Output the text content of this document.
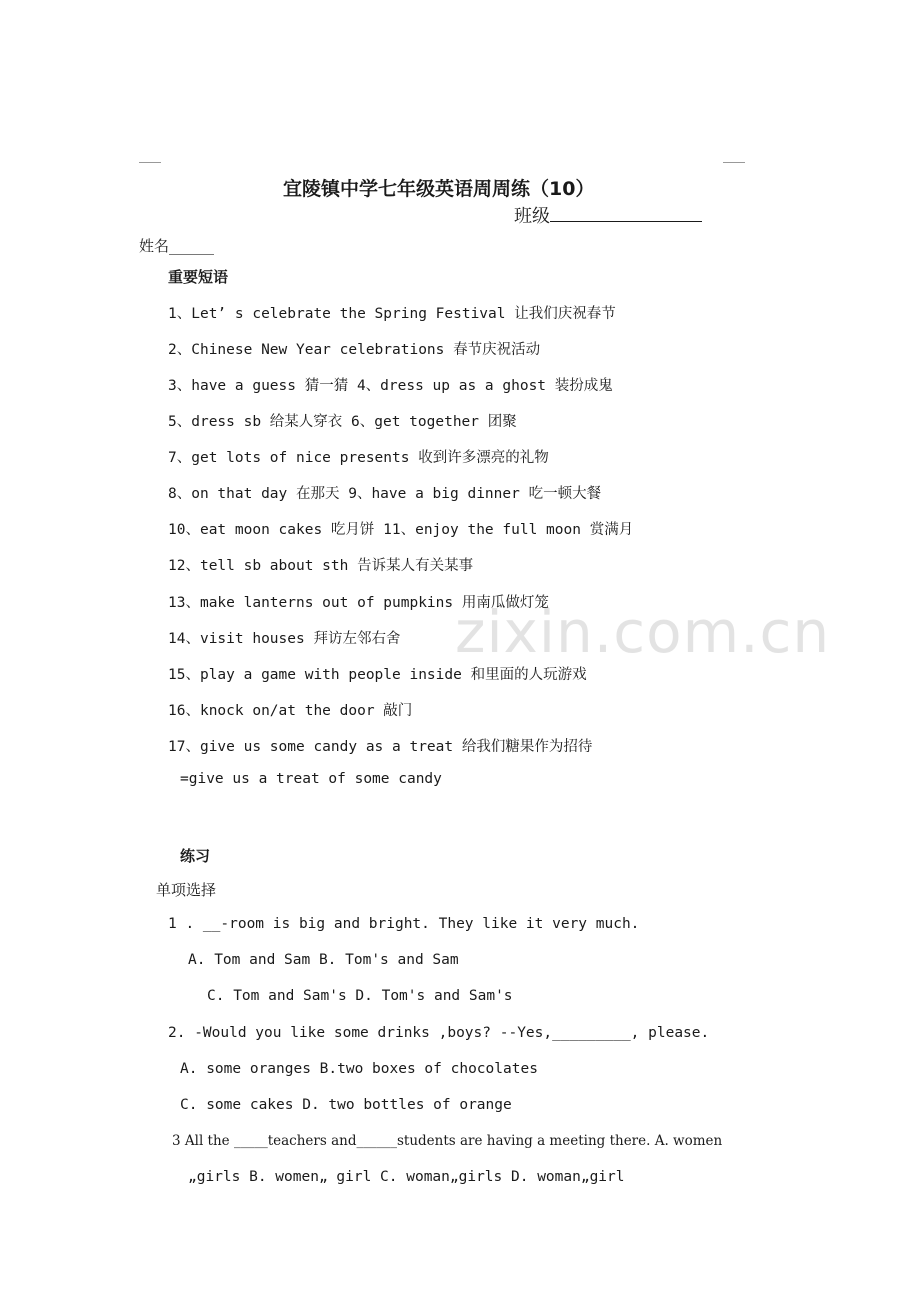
zixin.com.cn
宜陵镇中学七年级英语周周练（10）
班级
姓名______
重要短语
1、Let’ s celebrate the Spring Festival 让我们庆祝春节
2、Chinese New Year celebrations 春节庆祝活动
3、have a guess 猜一猜 4、dress up as a ghost 装扮成鬼
5、dress sb 给某人穿衣 6、get together 团聚
7、get lots of nice presents 收到许多漂亮的礼物
8、on that day 在那天 9、have a big dinner 吃一顿大餐
10、eat moon cakes 吃月饼 11、enjoy the full moon 赏满月
12、tell sb about sth 告诉某人有关某事
13、make lanterns out of pumpkins 用南瓜做灯笼
14、visit houses 拜访左邻右舍
15、play a game with people inside 和里面的人玩游戏
16、knock on/at the door 敲门
17、give us some candy as a treat 给我们糖果作为招待
=give us a treat of some candy
练习
单项选择
1 . __-room is big and bright. They like it very much.
A. Tom and Sam B. Tom's and Sam
C. Tom and Sam's D. Tom's and Sam's
2. -Would you like some drinks ,boys? --Yes,_________, please.
A. some oranges B.two boxes of chocolates
C. some cakes D. two bottles of orange
3 All the _____teachers and______students are having a meeting there. A. women
„girls B. women„ girl C. woman„girls D. woman„girl
